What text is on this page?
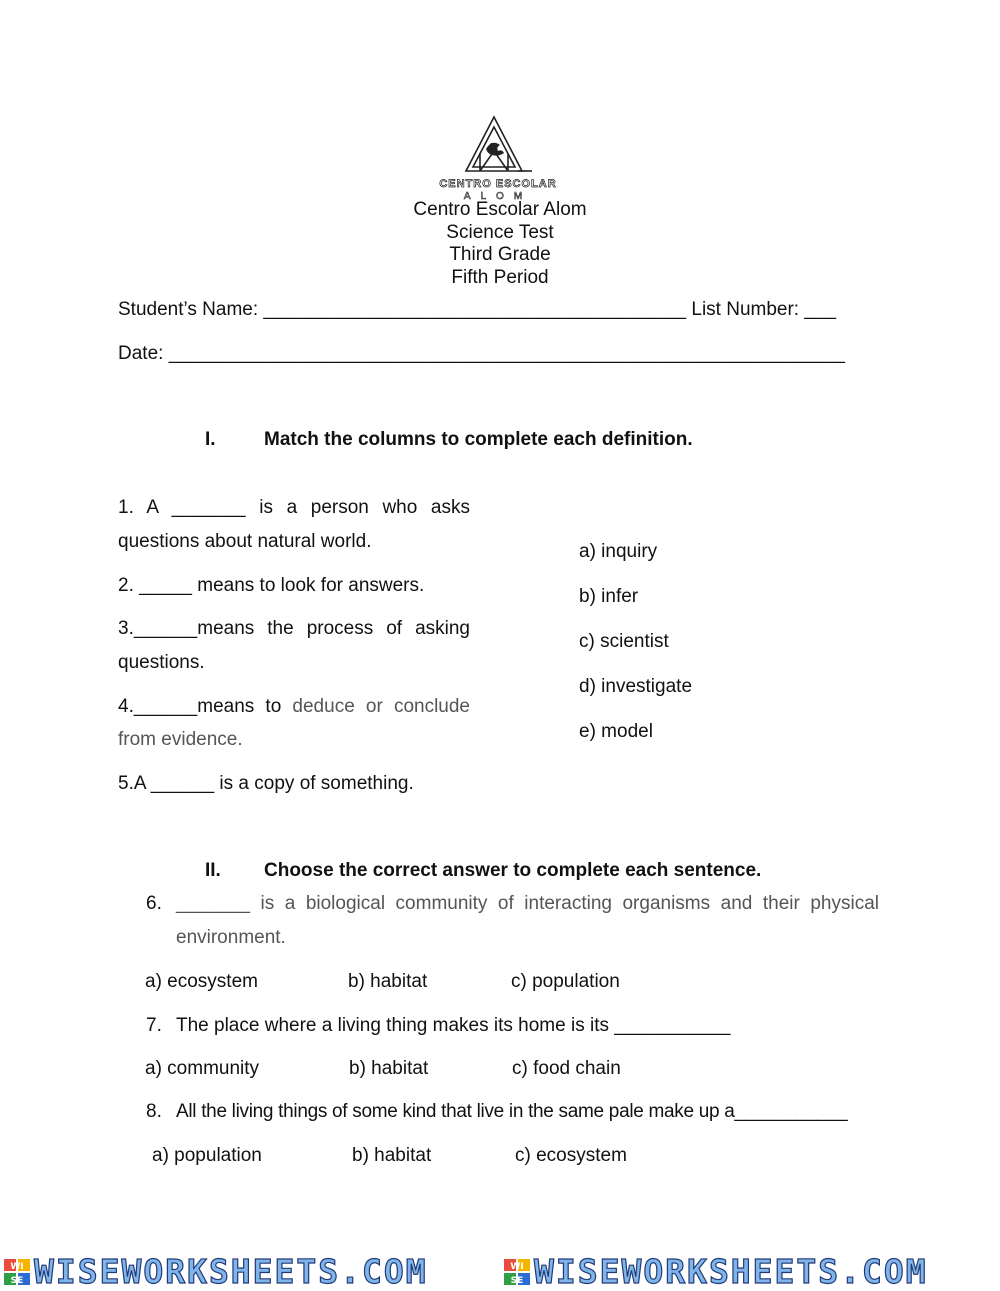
CENTRO ESCOLAR
ALOM
Centro Escolar Alom
Science Test
Third Grade
Fifth Period
Student’s Name: ________________________________________ List Number: ___
Date: ________________________________________________________________
I.	Match the columns to complete each definition.
1. A _______ is a person who asks
questions about natural world.
2. _____ means to look for answers.
3.______means the process of asking
questions.
4.______means to deduce or conclude
from evidence.
5.A ______ is a copy of something.
a) inquiry
b) infer
c) scientist
d) investigate
e) model
II. Choose the correct answer to complete each sentence.
6. _______ is a biological community of interacting organisms and their physical
environment.
a) ecosystem	b) habitat	c) population
7. The place where a living thing makes its home is its ___________
a) community	b) habitat	c) food chain
8. All the living things of some kind that live in the same pale make up a___________
a) population	b) habitat	c) ecosystem
WI
SE WISEWORKSHEETS.COM	WI
SE WISEWORKSHEETS.COM
